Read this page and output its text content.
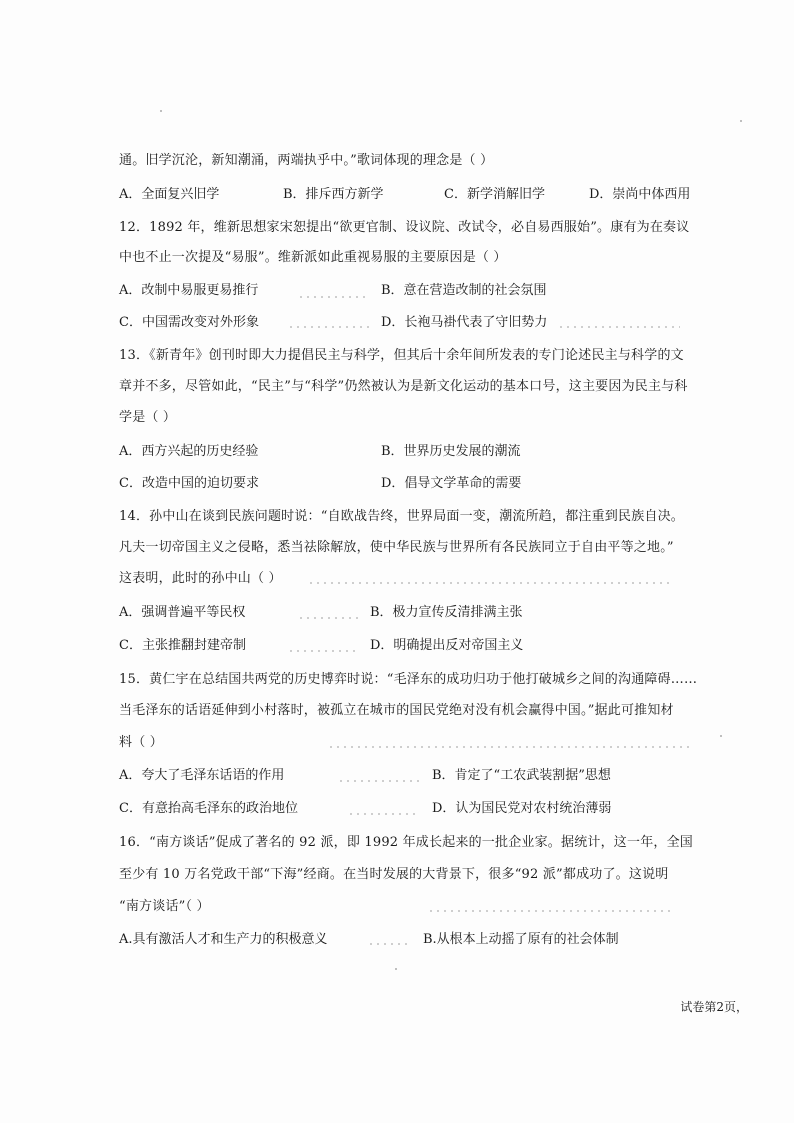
通。旧学沉沦，新知潮涌，两端执乎中。”歌词体现的理念是（ ）
A．全面复兴旧学	B．排斥西方新学	C．新学消解旧学	D．崇尚中体西用
12．1892 年，维新思想家宋恕提出“欲更官制、设议院、改试令，必自易西服始”。康有为在奏议
中也不止一次提及“易服”。维新派如此重视易服的主要原因是（ ）
A．改制中易服更易推行	B．意在营造改制的社会氛围
C．中国需改变对外形象	D．长袍马褂代表了守旧势力
13．《新青年》创刊时即大力提倡民主与科学，但其后十余年间所发表的专门论述民主与科学的文
章并不多，尽管如此，“民主”与“科学”仍然被认为是新文化运动的基本口号，这主要因为民主与科
学是（ ）
A．西方兴起的历史经验	B．世界历史发展的潮流
C．改造中国的迫切要求	D．倡导文学革命的需要
14．孙中山在谈到民族问题时说：“自欧战告终，世界局面一变，潮流所趋，都注重到民族自决。
凡夫一切帝国主义之侵略，悉当祛除解放，使中华民族与世界所有各民族同立于自由平等之地。”
这表明，此时的孙中山（ ）
A．强调普遍平等民权	B．极力宣传反清排满主张
C．主张推翻封建帝制	D．明确提出反对帝国主义
15．黄仁宇在总结国共两党的历史博弈时说：“毛泽东的成功归功于他打破城乡之间的沟通障碍……
当毛泽东的话语延伸到小村落时，被孤立在城市的国民党绝对没有机会赢得中国。”据此可推知材
料（ ）
A．夸大了毛泽东话语的作用	B．肯定了“工农武装割据”思想
C．有意抬高毛泽东的政治地位	D．认为国民党对农村统治薄弱
16．“南方谈话”促成了著名的 92 派，即 1992 年成长起来的一批企业家。据统计，这一年，全国
至少有 10 万名党政干部“下海”经商。在当时发展的大背景下，很多“92 派”都成功了。这说明
“南方谈话”（ ）
A.具有激活人才和生产力的积极意义	B.从根本上动摇了原有的社会体制
试卷第2页，
